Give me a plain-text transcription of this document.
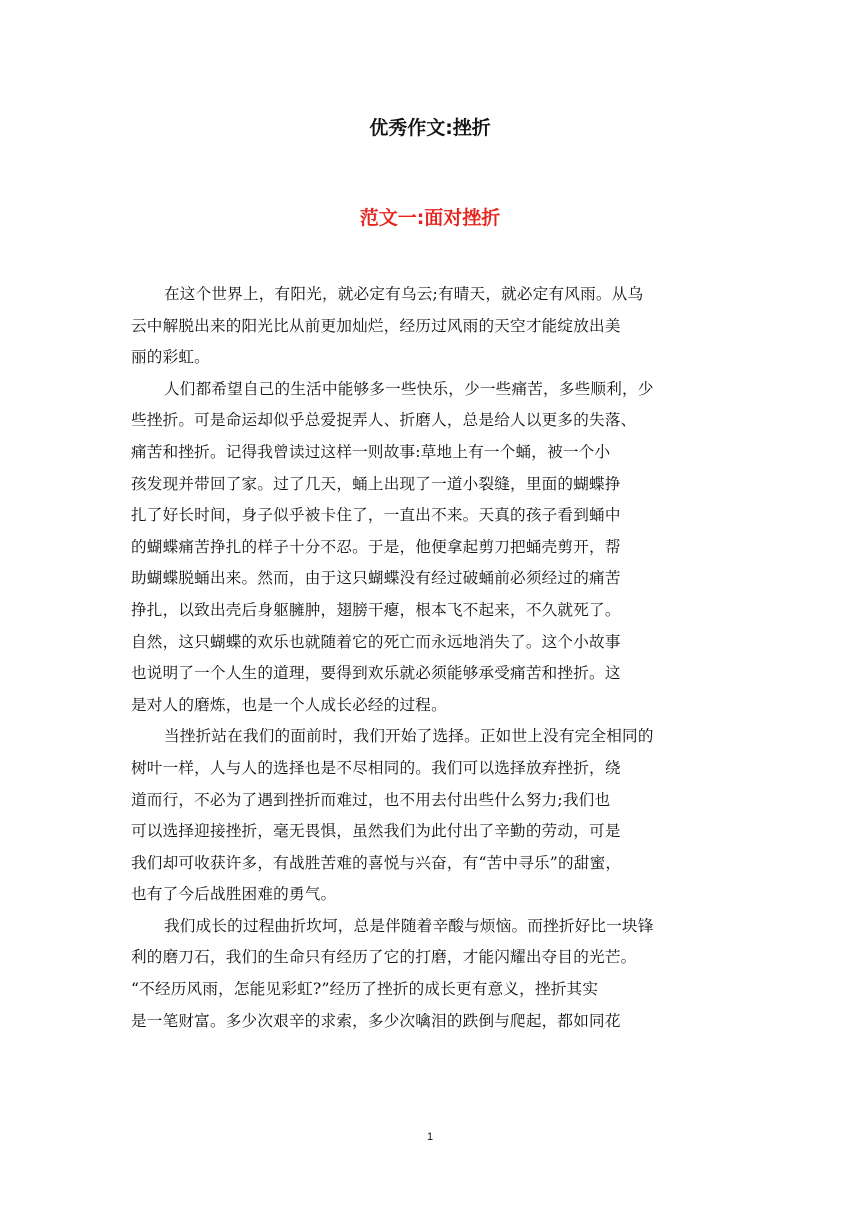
优秀作文:挫折
范文一:面对挫折
在这个世界上，有阳光，就必定有乌云;有晴天，就必定有风雨。从乌
云中解脱出来的阳光比从前更加灿烂，经历过风雨的天空才能绽放出美
丽的彩虹。
人们都希望自己的生活中能够多一些快乐，少一些痛苦，多些顺利，少
些挫折。可是命运却似乎总爱捉弄人、折磨人，总是给人以更多的失落、
痛苦和挫折。记得我曾读过这样一则故事:草地上有一个蛹，被一个小
孩发现并带回了家。过了几天，蛹上出现了一道小裂缝，里面的蝴蝶挣
扎了好长时间，身子似乎被卡住了，一直出不来。天真的孩子看到蛹中
的蝴蝶痛苦挣扎的样子十分不忍。于是，他便拿起剪刀把蛹壳剪开，帮
助蝴蝶脱蛹出来。然而，由于这只蝴蝶没有经过破蛹前必须经过的痛苦
挣扎，以致出壳后身躯臃肿，翅膀干瘪，根本飞不起来，不久就死了。
自然，这只蝴蝶的欢乐也就随着它的死亡而永远地消失了。这个小故事
也说明了一个人生的道理，要得到欢乐就必须能够承受痛苦和挫折。这
是对人的磨炼，也是一个人成长必经的过程。
当挫折站在我们的面前时，我们开始了选择。正如世上没有完全相同的
树叶一样，人与人的选择也是不尽相同的。我们可以选择放弃挫折，绕
道而行，不必为了遇到挫折而难过，也不用去付出些什么努力;我们也
可以选择迎接挫折，毫无畏惧，虽然我们为此付出了辛勤的劳动，可是
我们却可收获许多，有战胜苦难的喜悦与兴奋，有“苦中寻乐”的甜蜜，
也有了今后战胜困难的勇气。
我们成长的过程曲折坎坷，总是伴随着辛酸与烦恼。而挫折好比一块锋
利的磨刀石，我们的生命只有经历了它的打磨，才能闪耀出夺目的光芒。
“不经历风雨，怎能见彩虹?”经历了挫折的成长更有意义，挫折其实
是一笔财富。多少次艰辛的求索，多少次噙泪的跌倒与爬起，都如同花
1
